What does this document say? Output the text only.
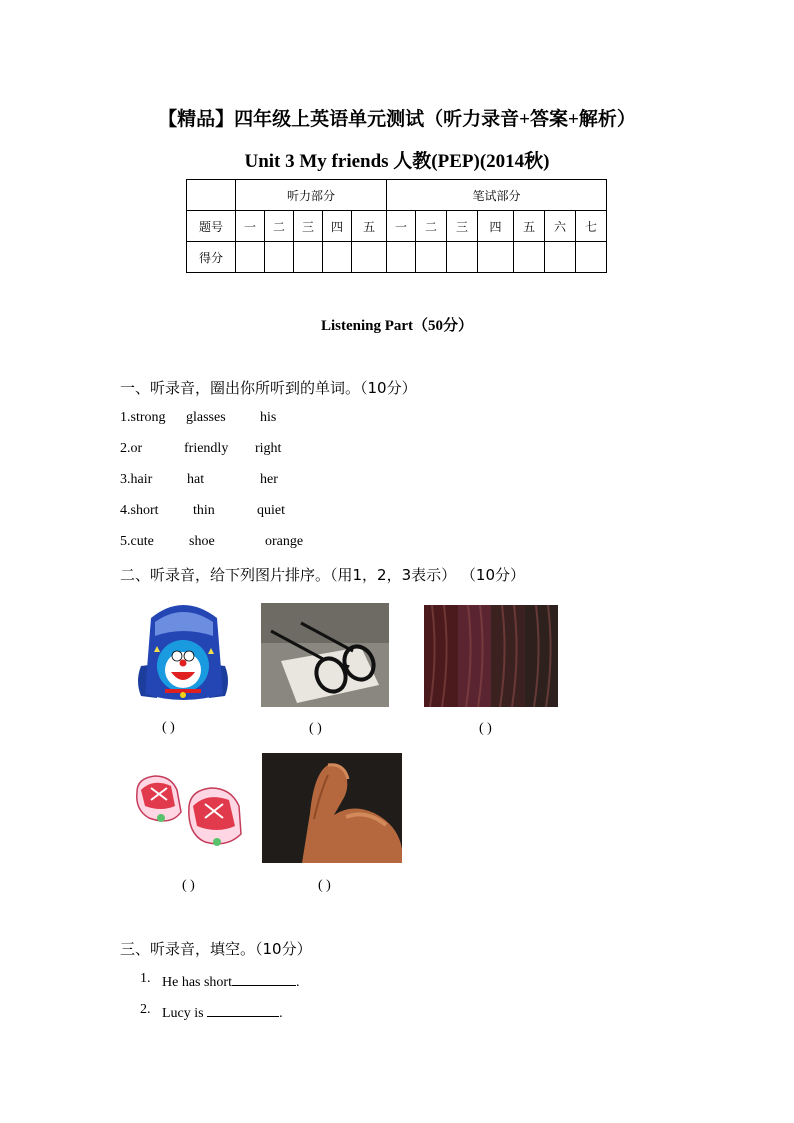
【精品】四年级上英语单元测试（听力录音+答案+解析）
Unit 3 My friends 人教(PEP)(2014秋)
	听力部分					笔试部分						
题号	一	二	三	四	五	一	二	三	四	五	六	七
得分												
Listening Part（50分）
一、听录音，圈出你所听到的单词。（10分）
1.strong glasses his
2.or	friendly right
3.hair hat	her
4.short thin	quiet
5.cute	shoe	orange
二、听录音，给下列图片排序。（用1，2，3表示） （10分）
( )	( )	( )
( )	( )
三、听录音，填空。（10分）
1. He has short	.
2. Lucy is	.
